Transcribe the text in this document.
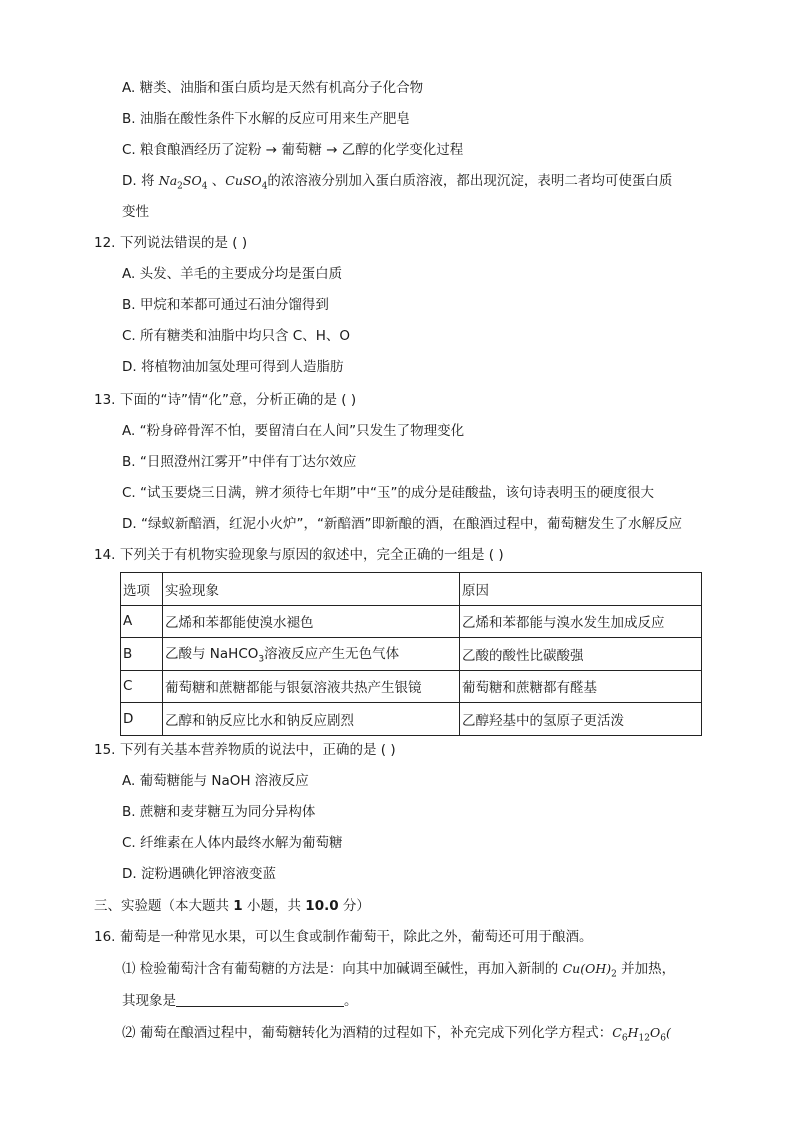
A. 糖类、油脂和蛋白质均是天然有机高分子化合物
B. 油脂在酸性条件下水解的反应可用来生产肥皂
C. 粮食酿酒经历了淀粉 → 葡萄糖 → 乙醇的化学变化过程
D. 将 $Na_2SO_4$ 、CuSO$_4$的浓溶液分别加入蛋白质溶液，都出现沉淀，表明二者均可使蛋白质
变性
12. 下列说法错误的是 ( )
A. 头发、羊毛的主要成分均是蛋白质
B. 甲烷和苯都可通过石油分馏得到
C. 所有糖类和油脂中均只含 C、H、O
D. 将植物油加氢处理可得到人造脂肪
13. 下面的“诗”情“化”意，分析正确的是 ( )
A. “粉身碎骨浑不怕，要留清白在人间”只发生了物理变化
B. “日照澄州江雾开”中伴有丁达尔效应
C. “试玉要烧三日满，辨才须待七年期”中“玉”的成分是硅酸盐，该句诗表明玉的硬度很大
D. “绿蚁新醅酒，红泥小火炉”，“新醅酒”即新酿的酒，在酿酒过程中，葡萄糖发生了水解反应
14. 下列关于有机物实验现象与原因的叙述中，完全正确的一组是 ( )
选项	实验现象	原因
A	乙烯和苯都能使溴水褪色	乙烯和苯都能与溴水发生加成反应
B	乙酸与 NaHCO$_3$溶液反应产生无色气体	乙酸的酸性比碳酸强
C	葡萄糖和蔗糖都能与银氨溶液共热产生银镜	葡萄糖和蔗糖都有醛基
D	乙醇和钠反应比水和钠反应剧烈	乙醇羟基中的氢原子更活泼
15. 下列有关基本营养物质的说法中，正确的是 ( )
A. 葡萄糖能与 NaOH 溶液反应
B. 蔗糖和麦芽糖互为同分异构体
C. 纤维素在人体内最终水解为葡萄糖
D. 淀粉遇碘化钾溶液变蓝
三、实验题（本大题共 1 小题，共 10.0 分）
16. 葡萄是一种常见水果，可以生食或制作葡萄干，除此之外，葡萄还可用于酿酒。
⑴ 检验葡萄汁含有葡萄糖的方法是：向其中加碱调至碱性，再加入新制的 $Cu(OH)_2$ 并加热，
其现象是	。
⑵ 葡萄在酿酒过程中，葡萄糖转化为酒精的过程如下，补充完成下列化学方程式：$C_6H_{12}O_6$(
